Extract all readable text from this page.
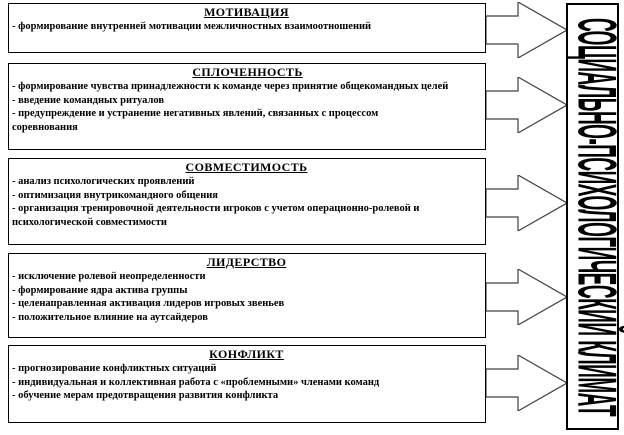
МОТИВАЦИЯ
- формирование внутренней мотивации межличностных взаимоотношений
СПЛОЧЕННОСТЬ
- формирование чувства принадлежности к команде через принятие общекомандных целей
- введение командных ритуалов
- предупреждение и устранение негативных явлений, связанных с процессом соревнования
СОВМЕСТИМОСТЬ
- анализ психологических проявлений
- оптимизация внутрикомандного общения
- организация тренировочной деятельности игроков с учетом операционно-ролевой и психологической совместимости
ЛИДЕРСТВО
- исключение ролевой неопределенности
- формирование ядра актива группы
- целенаправленная активация лидеров игровых звеньев
- положительное влияние на аутсайдеров
КОНФЛИКТ
- прогнозирование конфликтных ситуаций
- индивидуальная и коллективная работа с «проблемными» членами команд
- обучение мерам предотвращения развития конфликта	СОЦИАЛЬНО-ПСИХОЛОГИЧЕСКИЙ КЛИМАТ
